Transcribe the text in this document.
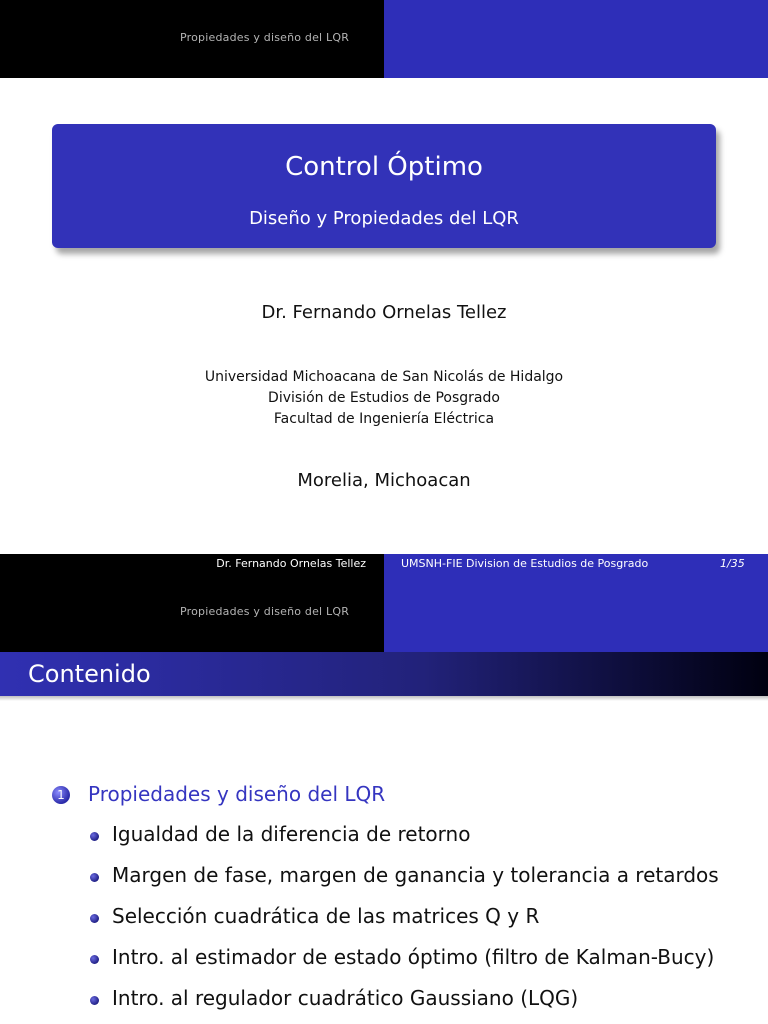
Propiedades y diseño del LQR
Control Óptimo
Diseño y Propiedades del LQR
Dr. Fernando Ornelas Tellez
Universidad Michoacana de San Nicolás de Hidalgo
División de Estudios de Posgrado
Facultad de Ingeniería Eléctrica
Morelia, Michoacan
Dr. Fernando Ornelas Tellez	UMSNH-FIE Division de Estudios de Posgrado	1/35
Propiedades y diseño del LQR
Contenido
1 Propiedades y diseño del LQR
Igualdad de la diferencia de retorno
Margen de fase, margen de ganancia y tolerancia a retardos
Selección cuadrática de las matrices Q y R
Intro. al estimador de estado óptimo (filtro de Kalman-Bucy)
Intro. al regulador cuadrático Gaussiano (LQG)
